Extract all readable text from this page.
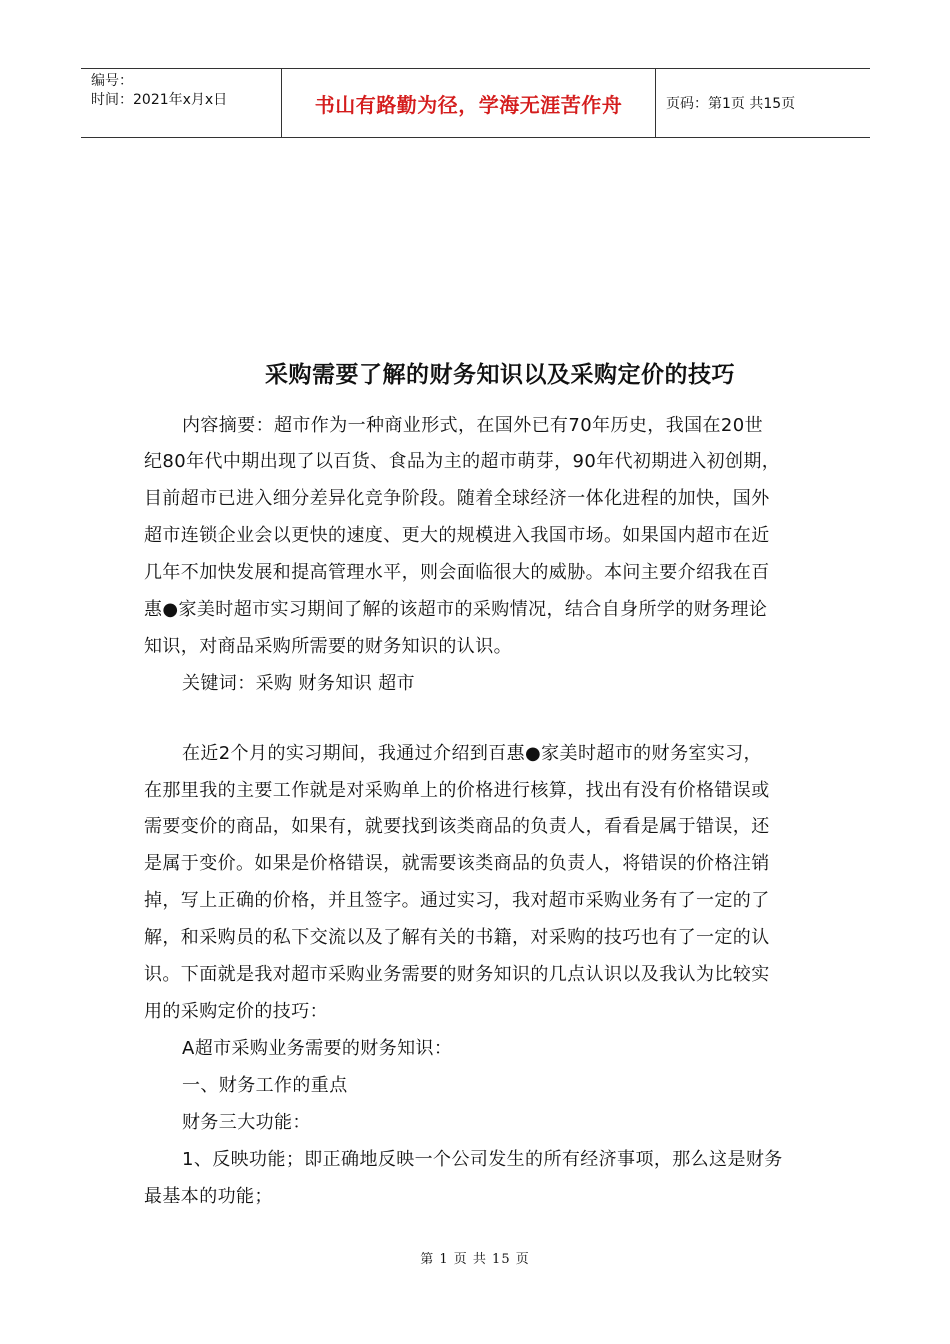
编号：
时间：2021年x月x日	书山有路勤为径，学海无涯苦作舟	页码：第1页 共15页
采购需要了解的财务知识以及采购定价的技巧
内容摘要：超市作为一种商业形式，在国外已有70年历史，我国在20世
纪80年代中期出现了以百货、食品为主的超市萌芽，90年代初期进入初创期，
目前超市已进入细分差异化竞争阶段。随着全球经济一体化进程的加快，国外
超市连锁企业会以更快的速度、更大的规模进入我国市场。如果国内超市在近
几年不加快发展和提高管理水平，则会面临很大的威胁。本问主要介绍我在百
惠●家美时超市实习期间了解的该超市的采购情况，结合自身所学的财务理论
知识，对商品采购所需要的财务知识的认识。
关键词：采购 财务知识 超市
在近2个月的实习期间，我通过介绍到百惠●家美时超市的财务室实习，
在那里我的主要工作就是对采购单上的价格进行核算，找出有没有价格错误或
需要变价的商品，如果有，就要找到该类商品的负责人，看看是属于错误，还
是属于变价。如果是价格错误，就需要该类商品的负责人，将错误的价格注销
掉，写上正确的价格，并且签字。通过实习，我对超市采购业务有了一定的了
解，和采购员的私下交流以及了解有关的书籍，对采购的技巧也有了一定的认
识。下面就是我对超市采购业务需要的财务知识的几点认识以及我认为比较实
用的采购定价的技巧：
A超市采购业务需要的财务知识：
一、财务工作的重点
财务三大功能：
1、反映功能；即正确地反映一个公司发生的所有经济事项，那么这是财务
最基本的功能；
第 1 页 共 15 页
